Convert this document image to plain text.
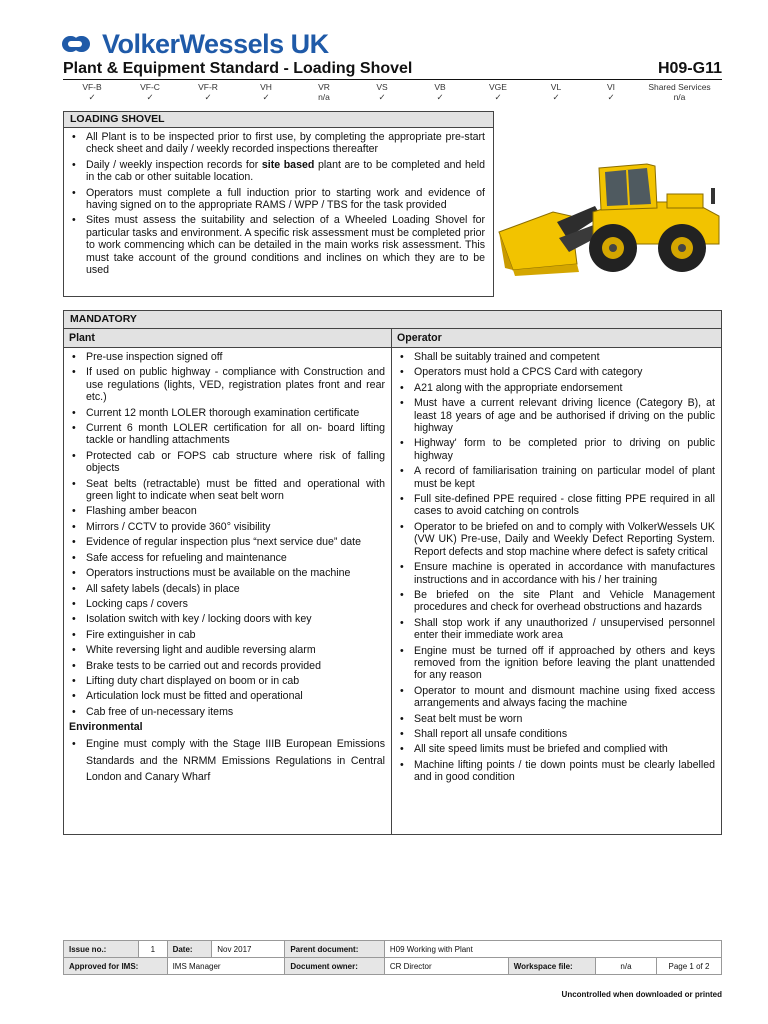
VolkerWessels UK
Plant & Equipment Standard - Loading Shovel	H09-G11
VF-B	VF-C	VF-R	VH	VR	VS	VB	VGE	VL	VI	Shared Services
✓	✓	✓	✓	n/a	✓	✓	✓	✓	✓	n/a
LOADING SHOVEL
• All Plant is to be inspected prior to first use, by completing the appropriate pre-start check sheet and daily / weekly recorded inspections thereafter
• Daily / weekly inspection records for site based plant are to be completed and held in the cab or other suitable location.
• Operators must complete a full induction prior to starting work and evidence of having signed on to the appropriate RAMS / WPP / TBS for the task provided
• Sites must assess the suitability and selection of a Wheeled Loading Shovel for particular tasks and environment. A specific risk assessment must be completed prior to work commencing which can be detailed in the main works risk assessment. This must take account of the ground conditions and inclines on which they are to be used
MANDATORY
Plant	Operator
• Pre-use inspection signed off
• If used on public highway - compliance with Construction and use regulations (lights, VED, registration plates front and rear etc.)
• Current 12 month LOLER thorough examination certificate
• Current 6 month LOLER certification for all on- board lifting tackle or handling attachments
• Protected cab or FOPS cab structure where risk of falling objects
• Seat belts (retractable) must be fitted and operational with green light to indicate when seat belt worn
• Flashing amber beacon
• Mirrors / CCTV to provide 360° visibility
• Evidence of regular inspection plus “next service due” date
• Safe access for refueling and maintenance
• Operators instructions must be available on the machine
• All safety labels (decals) in place
• Locking caps / covers
• Isolation switch with key / locking doors with key
• Fire extinguisher in cab
• White reversing light and audible reversing alarm
• Brake tests to be carried out and records provided
• Lifting duty chart displayed on boom or in cab
• Articulation lock must be fitted and operational
• Cab free of un-necessary items
Environmental
• Engine must comply with the Stage IIIB European Emissions Standards and the NRMM Emissions Regulations in Central London and Canary Wharf
• Shall be suitably trained and competent
• Operators must hold a CPCS Card with category
• A21 along with the appropriate endorsement
• Must have a current relevant driving licence (Category B), at least 18 years of age and be authorised if driving on the public highway
• Highway' form to be completed prior to driving on public highway
• A record of familiarisation training on particular model of plant must be kept
• Full site-defined PPE required - close fitting PPE required in all cases to avoid catching on controls
• Operator to be briefed on and to comply with VolkerWessels UK (VW UK) Pre-use, Daily and Weekly Defect Reporting System. Report defects and stop machine where defect is safety critical
• Ensure machine is operated in accordance with manufactures instructions and in accordance with his / her training
• Be briefed on the site Plant and Vehicle Management procedures and check for overhead obstructions and hazards
• Shall stop work if any unauthorized / unsupervised personnel enter their immediate work area
• Engine must be turned off if approached by others and keys removed from the ignition before leaving the plant unattended for any reason
• Operator to mount and dismount machine using fixed access arrangements and always facing the machine
• Seat belt must be worn
• Shall report all unsafe conditions
• All site speed limits must be briefed and complied with
• Machine lifting points / tie down points must be clearly labelled and in good condition
Issue no.:	1	Date:	Nov 2017	Parent document:	H09 Working with Plant			
Approved for IMS:		IMS Manager		Document owner:	CR Director	Workspace file:	n/a	Page 1 of 2
Uncontrolled when downloaded or printed
